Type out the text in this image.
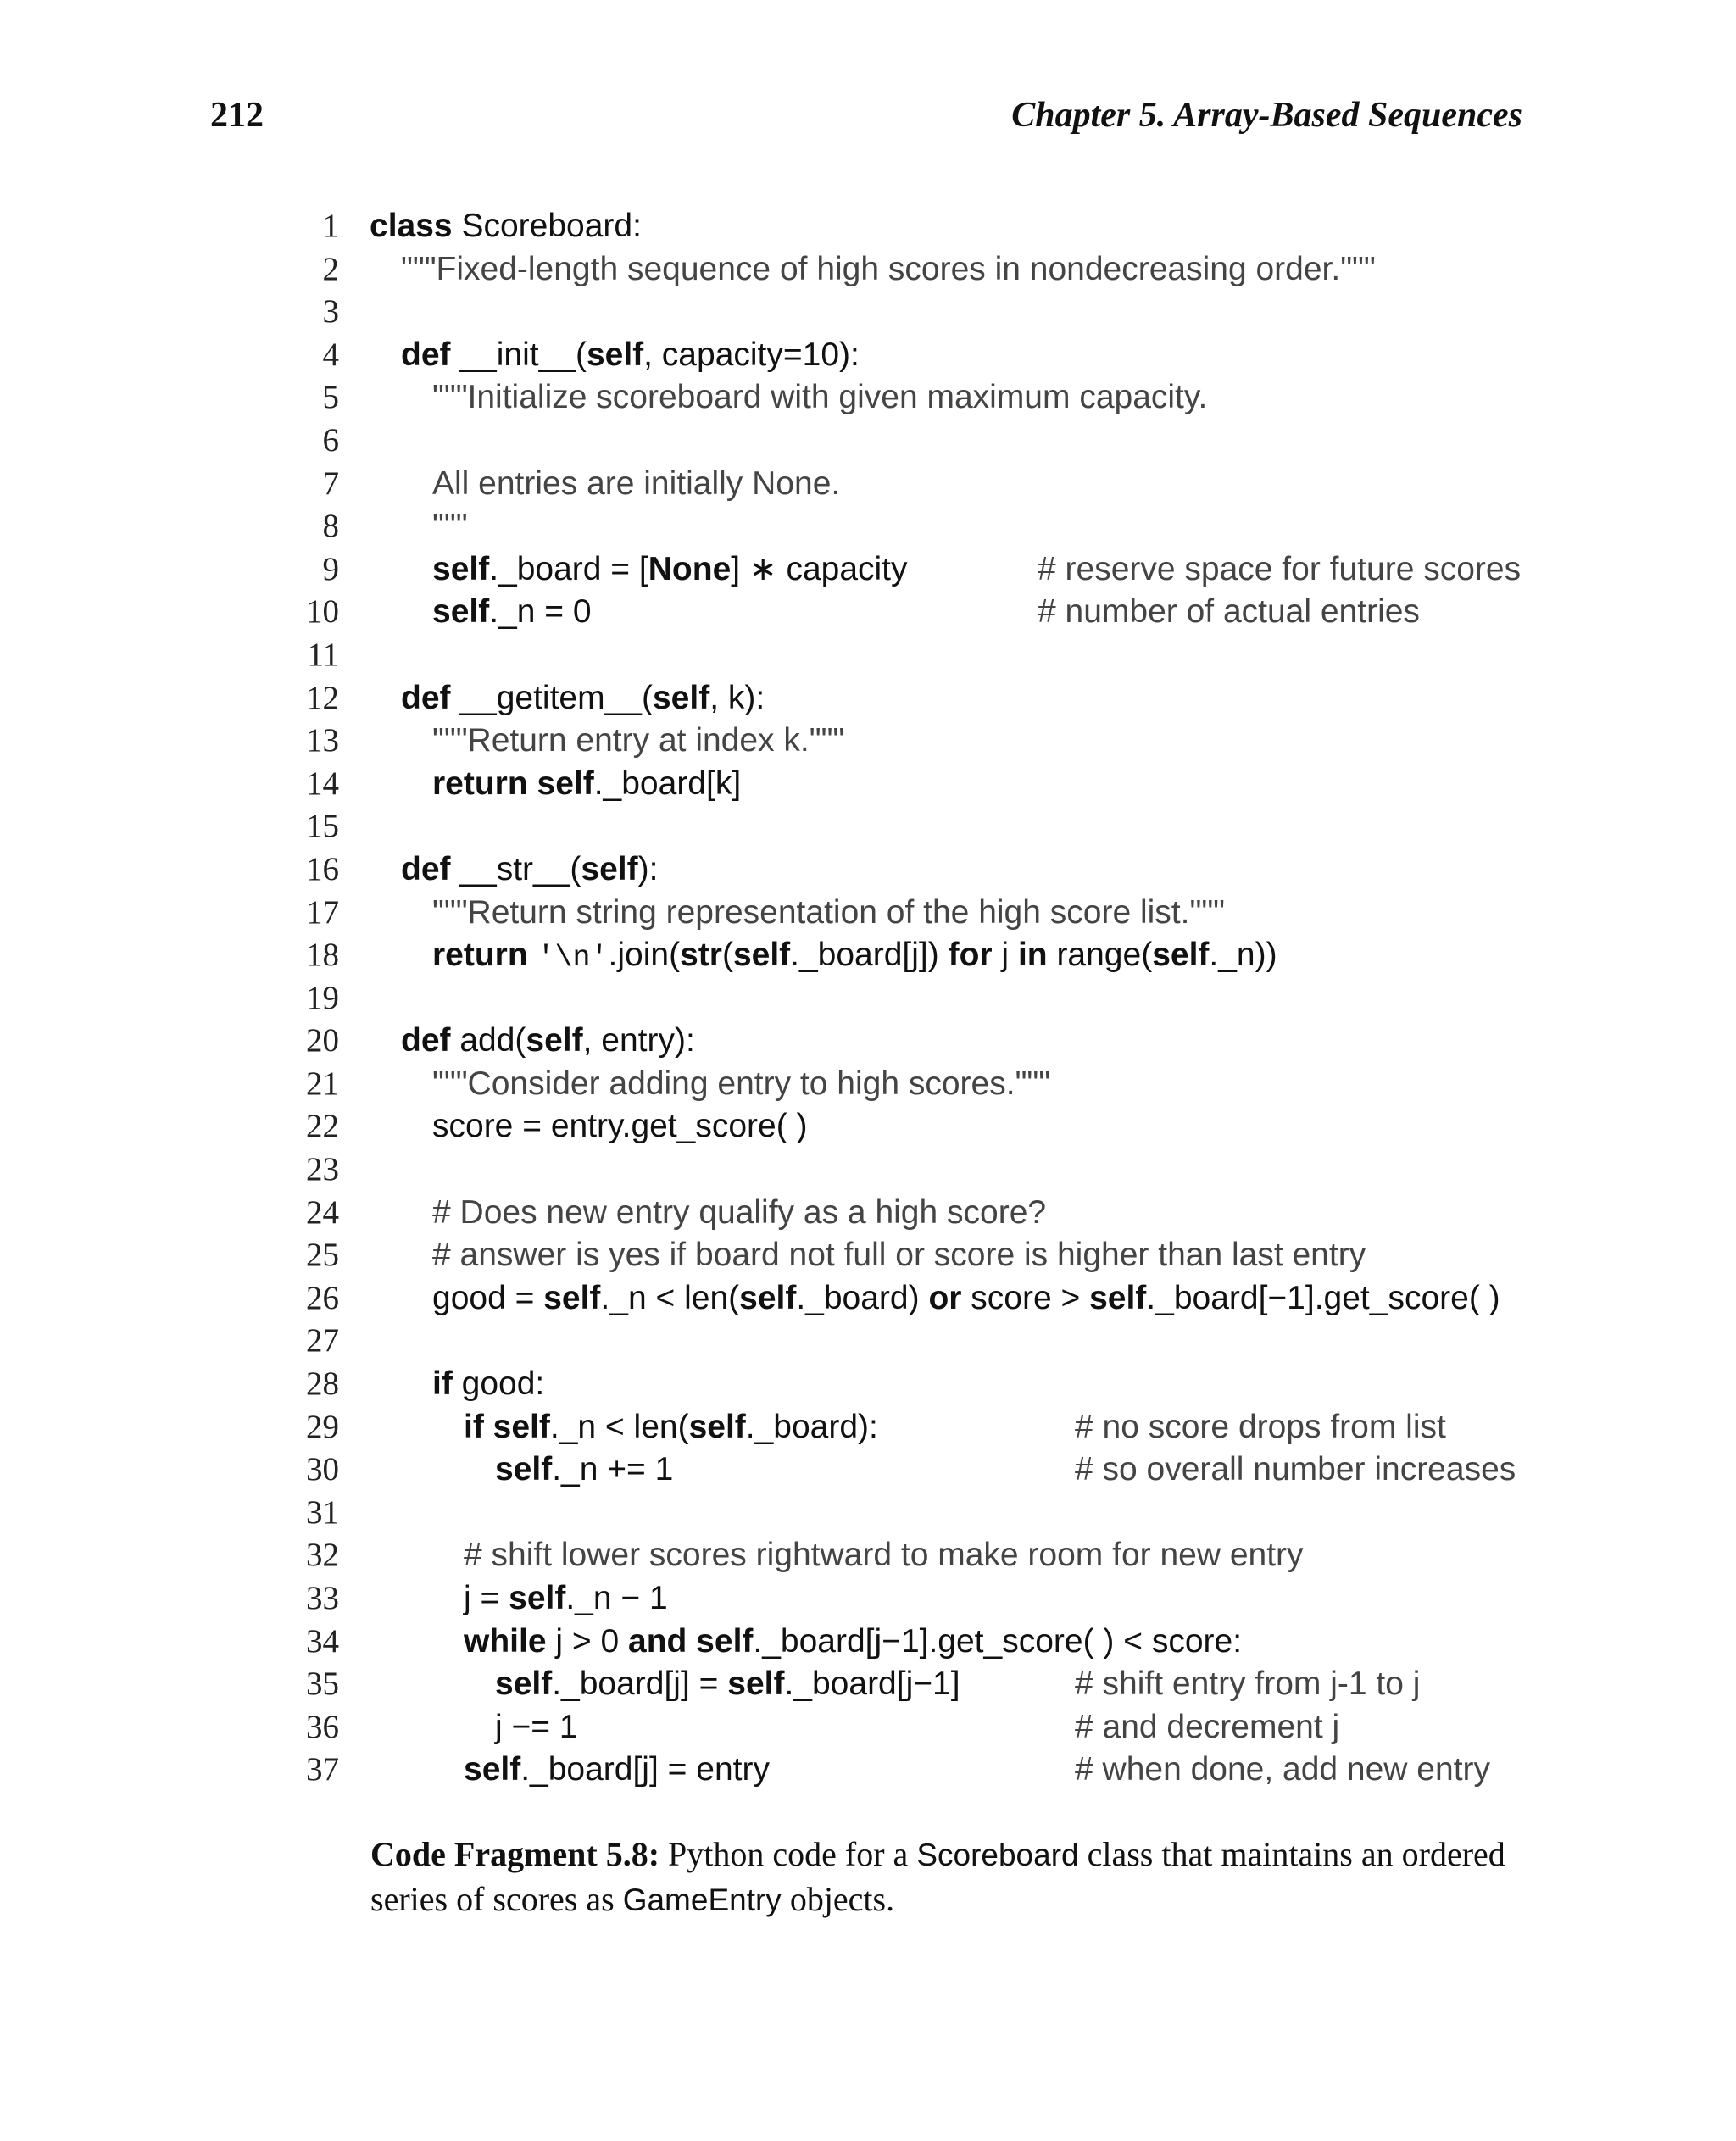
212	Chapter 5. Array-Based Sequences
1 class Scoreboard:
2 """Fixed-length sequence of high scores in nondecreasing order."""
3
4 def __init__(self, capacity=10):
5	"""Initialize scoreboard with given maximum capacity.
6
7	All entries are initially None.
8	"""
9	self._board = [None] ∗ capacity	# reserve space for future scores
10	self._n = 0	# number of actual entries
11
12 def __getitem__(self, k):
13	"""Return entry at index k."""
14	return self._board[k]
15
16 def __str__(self):
17	"""Return string representation of the high score list."""
18	return '\n'.join(str(self._board[j]) for j in range(self._n))
19
20 def add(self, entry):
21	"""Consider adding entry to high scores."""
22	score = entry.get_score( )
23
24	# Does new entry qualify as a high score?
25	# answer is yes if board not full or score is higher than last entry
26	good = self._n < len(self._board) or score > self._board[−1].get_score( )
27
28	if good:
29	if self._n < len(self._board):	# no score drops from list
30	self._n += 1	# so overall number increases
31
32	# shift lower scores rightward to make room for new entry
33	j = self._n − 1
34	while j > 0 and self._board[j−1].get_score( ) < score:
35	self._board[j] = self._board[j−1]	# shift entry from j-1 to j
36	j −= 1	# and decrement j
37	self._board[j] = entry	# when done, add new entry
Code Fragment 5.8: Python code for a Scoreboard class that maintains an ordered series of scores as GameEntry objects.
